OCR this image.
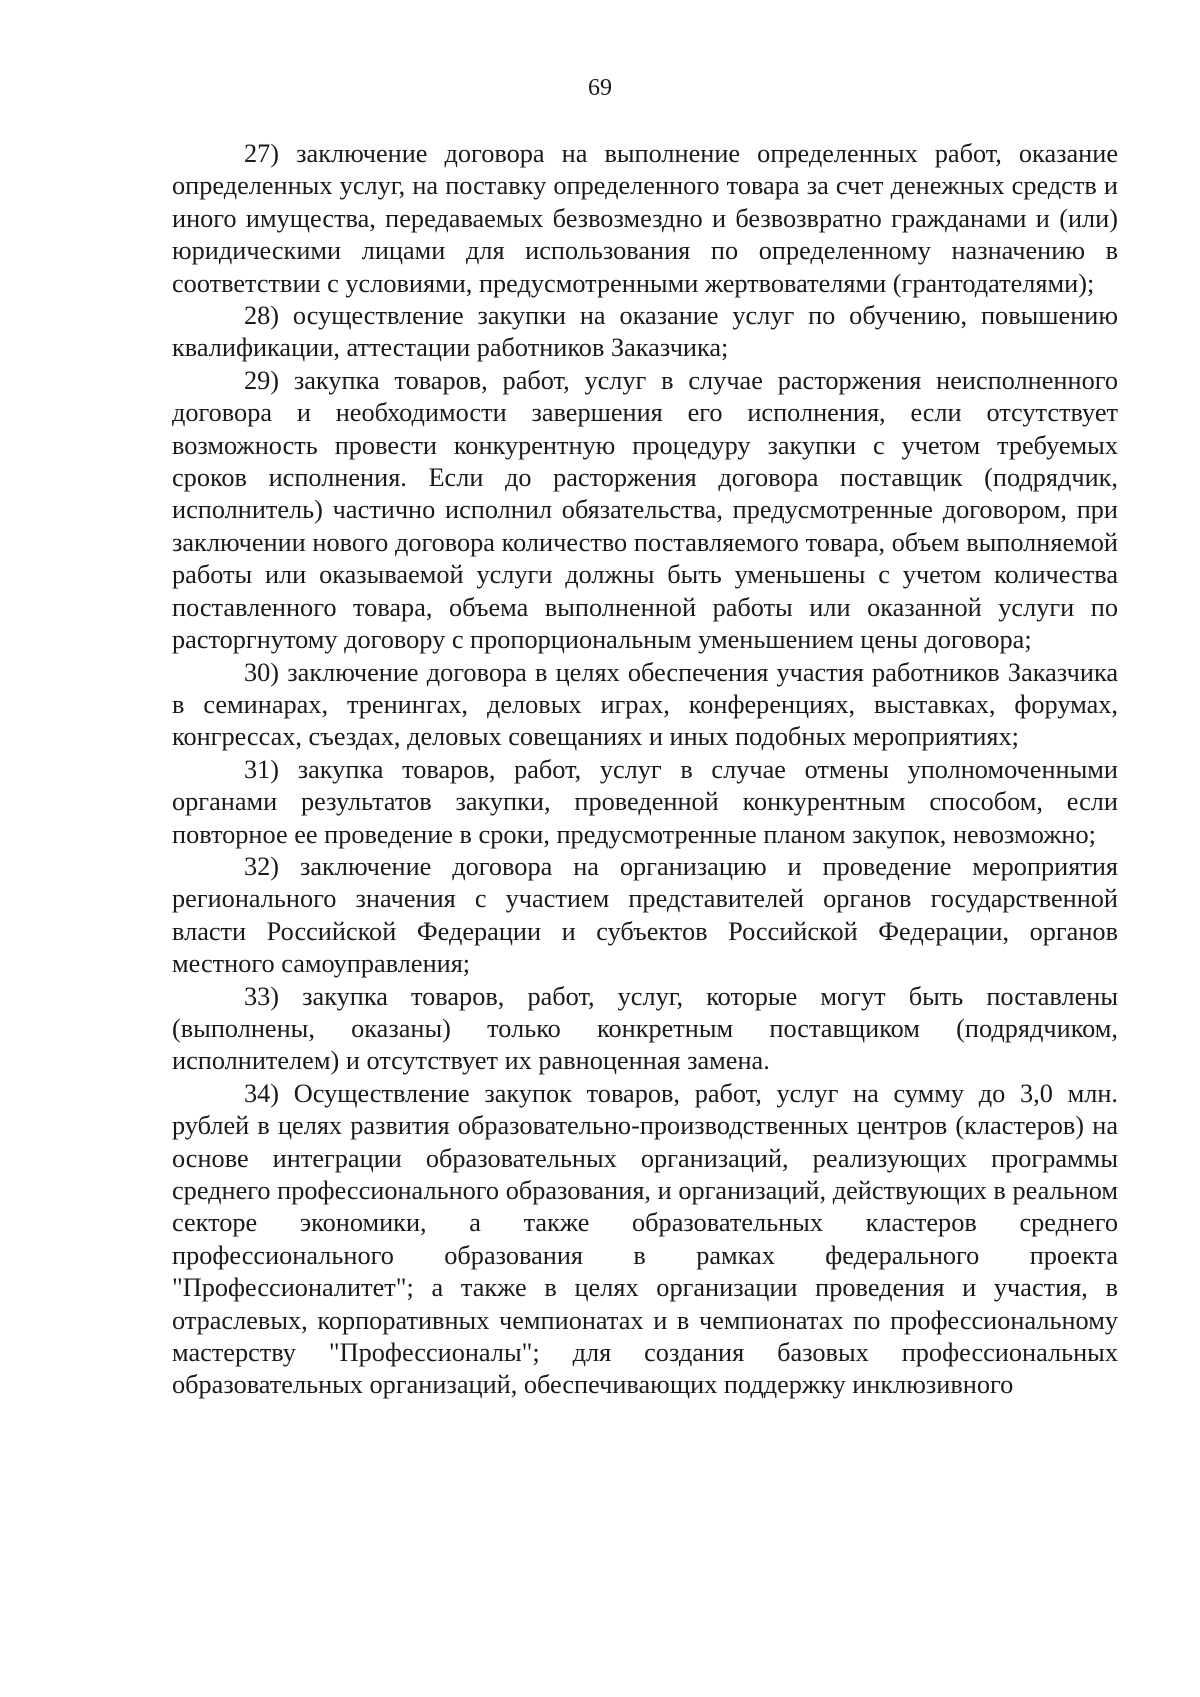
69

27) заключение договора на выполнение определенных работ, оказание определенных услуг, на поставку определенного товара за счет денежных средств и иного имущества, передаваемых безвозмездно и безвозвратно гражданами и (или) юридическими лицами для использования по определенному назначению в соответствии с условиями, предусмотренными жертвователями (грантодателями);

28) осуществление закупки на оказание услуг по обучению, повышению квалификации, аттестации работников Заказчика;

29) закупка товаров, работ, услуг в случае расторжения неисполненного договора и необходимости завершения его исполнения, если отсутствует возможность провести конкурентную процедуру закупки с учетом требуемых сроков исполнения. Если до расторжения договора поставщик (подрядчик, исполнитель) частично исполнил обязательства, предусмотренные договором, при заключении нового договора количество поставляемого товара, объем выполняемой работы или оказываемой услуги должны быть уменьшены с учетом количества поставленного товара, объема выполненной работы или оказанной услуги по расторгнутому договору с пропорциональным уменьшением цены договора;

30) заключение договора в целях обеспечения участия работников Заказчика в семинарах, тренингах, деловых играх, конференциях, выставках, форумах, конгрессах, съездах, деловых совещаниях и иных подобных мероприятиях;

31) закупка товаров, работ, услуг в случае отмены уполномоченными органами результатов закупки, проведенной конкурентным способом, если повторное ее проведение в сроки, предусмотренные планом закупок, невозможно;

32) заключение договора на организацию и проведение мероприятия регионального значения с участием представителей органов государственной власти Российской Федерации и субъектов Российской Федерации, органов местного самоуправления;

33) закупка товаров, работ, услуг, которые могут быть поставлены (выполнены, оказаны) только конкретным поставщиком (подрядчиком, исполнителем) и отсутствует их равноценная замена.

34) Осуществление закупок товаров, работ, услуг на сумму до 3,0 млн. рублей в целях развития образовательно-производственных центров (кластеров) на основе интеграции образовательных организаций, реализующих программы среднего профессионального образования, и организаций, действующих в реальном секторе экономики, а также образовательных кластеров среднего профессионального образования в рамках федерального проекта "Профессионалитет"; а также в целях организации проведения и участия, в отраслевых, корпоративных чемпионатах и в чемпионатах по профессиональному мастерству "Профессионалы"; для создания базовых профессиональных образовательных организаций, обеспечивающих поддержку инклюзивного
